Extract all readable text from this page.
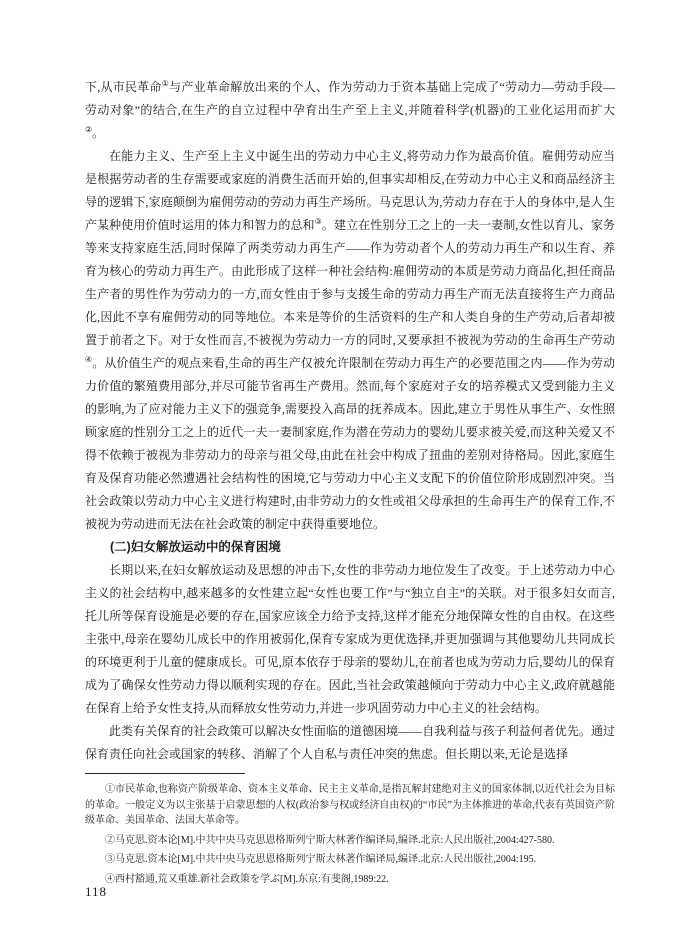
下,从市民革命①与产业革命解放出来的个人、作为劳动力于资本基础上完成了“劳动力—劳动手段—劳动对象”的结合,在生产的自立过程中孕育出生产至上主义,并随着科学(机器)的工业化运用而扩大②。

在能力主义、生产至上主义中诞生出的劳动力中心主义,将劳动力作为最高价值。雇佣劳动应当是根据劳动者的生存需要或家庭的消费生活而开始的,但事实却相反,在劳动力中心主义和商品经济主导的逻辑下,家庭颠倒为雇佣劳动的劳动力再生产场所。马克思认为,劳动力存在于人的身体中,是人生产某种使用价值时运用的体力和智力的总和③。建立在性别分工之上的一夫一妻制,女性以育儿、家务等来支持家庭生活,同时保障了两类劳动力再生产——作为劳动者个人的劳动力再生产和以生育、养育为核心的劳动力再生产。由此形成了这样一种社会结构:雇佣劳动的本质是劳动力商品化,担任商品生产者的男性作为劳动力的一方,而女性由于参与支援生命的劳动力再生产而无法直接将生产力商品化,因此不享有雇佣劳动的同等地位。本来是等价的生活资料的生产和人类自身的生产劳动,后者却被置于前者之下。对于女性而言,不被视为劳动力一方的同时,又要承担不被视为劳动的生命再生产劳动④。从价值生产的观点来看,生命的再生产仅被允许限制在劳动力再生产的必要范围之内——作为劳动力价值的繁殖费用部分,并尽可能节省再生产费用。然而,每个家庭对子女的培养模式又受到能力主义的影响,为了应对能力主义下的强竞争,需要投入高昂的抚养成本。因此,建立于男性从事生产、女性照顾家庭的性别分工之上的近代一夫一妻制家庭,作为潜在劳动力的婴幼儿要求被关爱,而这种关爱又不得不依赖于被视为非劳动力的母亲与祖父母,由此在社会中构成了扭曲的差别对待格局。因此,家庭生育及保育功能必然遭遇社会结构性的困境,它与劳动力中心主义支配下的价值位阶形成剧烈冲突。当社会政策以劳动力中心主义进行构建时,由非劳动力的女性或祖父母承担的生命再生产的保育工作,不被视为劳动进而无法在社会政策的制定中获得重要地位。

(二)妇女解放运动中的保育困境

长期以来,在妇女解放运动及思想的冲击下,女性的非劳动力地位发生了改变。于上述劳动力中心主义的社会结构中,越来越多的女性建立起“女性也要工作”与“独立自主”的关联。对于很多妇女而言,托儿所等保育设施是必要的存在,国家应该全力给予支持,这样才能充分地保障女性的自由权。在这些主张中,母亲在婴幼儿成长中的作用被弱化,保育专家成为更优选择,并更加强调与其他婴幼儿共同成长的环境更利于儿童的健康成长。可见,原本依存于母亲的婴幼儿,在前者也成为劳动力后,婴幼儿的保育成为了确保女性劳动力得以顺利实现的存在。因此,当社会政策越倾向于劳动力中心主义,政府就越能在保育上给予女性支持,从而释放女性劳动力,并进一步巩固劳动力中心主义的社会结构。

此类有关保育的社会政策可以解决女性面临的道德困境——自我利益与孩子利益何者优先。通过保育责任向社会或国家的转移、消解了个人自私与责任冲突的焦虑。但长期以来,无论是选择

①市民革命,也称资产阶级革命、资本主义革命、民主主义革命,是指瓦解封建绝对主义的国家体制,以近代社会为目标的革命。一般定义为以主张基于启蒙思想的人权(政治参与权或经济自由权)的“市民”为主体推进的革命,代表有英国资产阶级革命、美国革命、法国大革命等。

②马克思.资本论[M].中共中央马克思恩格斯列宁斯大林著作编译局,编译.北京:人民出版社,2004:427-580.

③马克思.资本论[M].中共中央马克思恩格斯列宁斯大林著作编译局,编译.北京:人民出版社,2004:195.

④西村豁通,荒又重雄.新社会政策を学ぶ[M].东京:有斐阁,1989:22.

118
